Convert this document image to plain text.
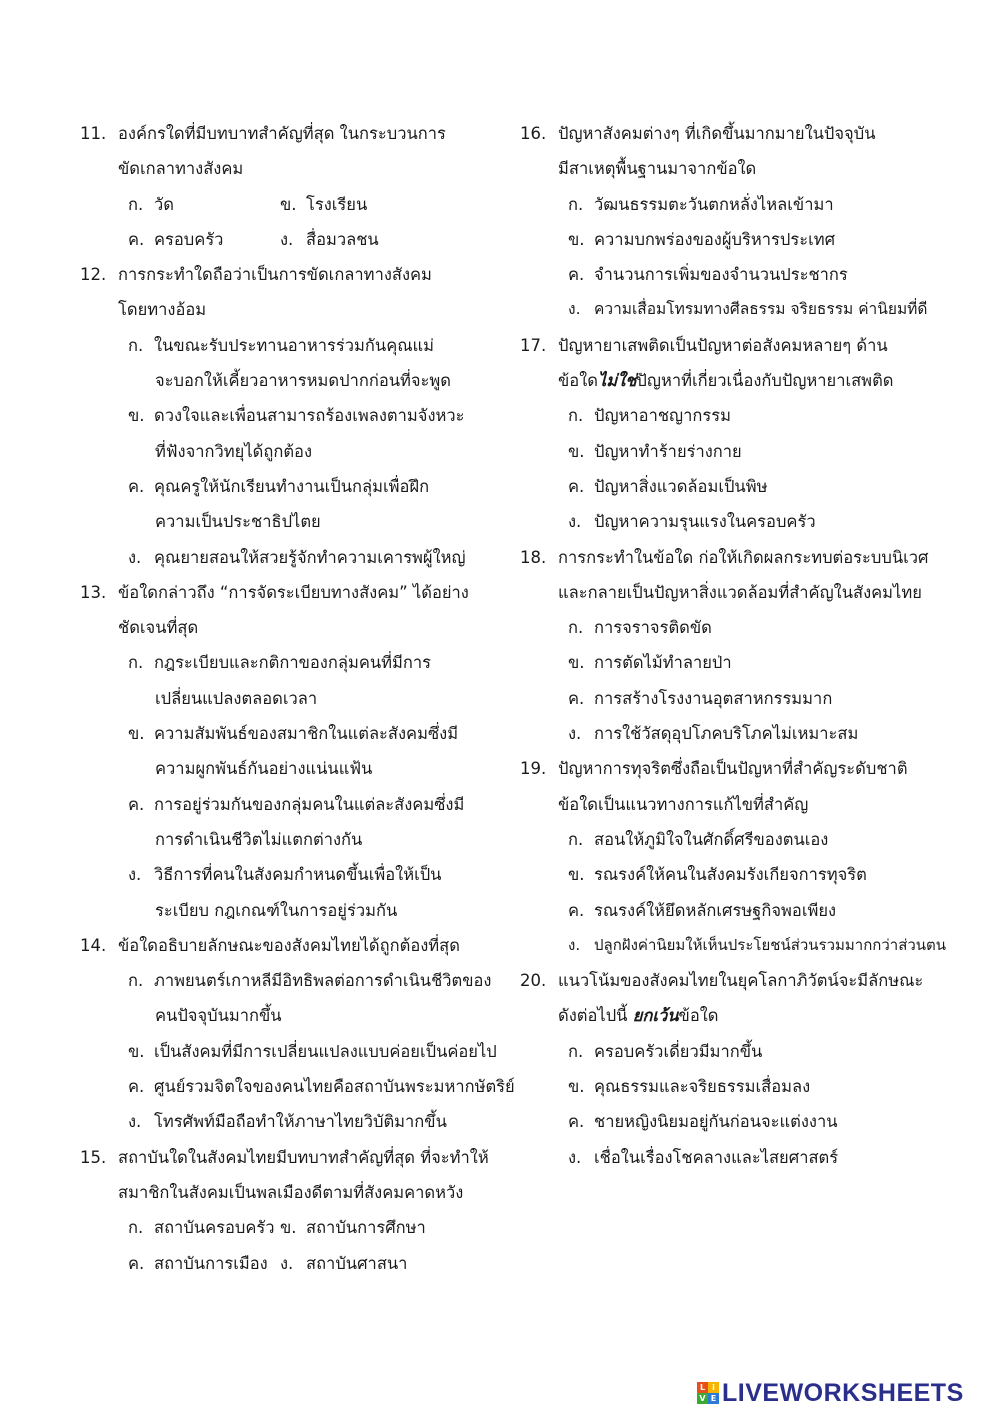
11. องค์กรใดที่มีบทบาทสำคัญที่สุด ในกระบวนการ
ขัดเกลาทางสังคม
ก. วัด	ข. โรงเรียน
ค. ครอบครัว	ง. สื่อมวลชน
12. การกระทำใดถือว่าเป็นการขัดเกลาทางสังคม
โดยทางอ้อม
ก. ในขณะรับประทานอาหารร่วมกันคุณแม่
จะบอกให้เคี้ยวอาหารหมดปากก่อนที่จะพูด
ข. ดวงใจและเพื่อนสามารถร้องเพลงตามจังหวะ
ที่ฟังจากวิทยุได้ถูกต้อง
ค. คุณครูให้นักเรียนทำงานเป็นกลุ่มเพื่อฝึก
ความเป็นประชาธิปไตย
ง. คุณยายสอนให้สวยรู้จักทำความเคารพผู้ใหญ่
13. ข้อใดกล่าวถึง “การจัดระเบียบทางสังคม” ได้อย่าง
ชัดเจนที่สุด
ก. กฎระเบียบและกติกาของกลุ่มคนที่มีการ
เปลี่ยนแปลงตลอดเวลา
ข. ความสัมพันธ์ของสมาชิกในแต่ละสังคมซึ่งมี
ความผูกพันธ์กันอย่างแน่นแฟ้น
ค. การอยู่ร่วมกันของกลุ่มคนในแต่ละสังคมซึ่งมี
การดำเนินชีวิตไม่แตกต่างกัน
ง. วิธีการที่คนในสังคมกำหนดขึ้นเพื่อให้เป็น
ระเบียบ กฎเกณฑ์ในการอยู่ร่วมกัน
14. ข้อใดอธิบายลักษณะของสังคมไทยได้ถูกต้องที่สุด
ก. ภาพยนตร์เกาหลีมีอิทธิพลต่อการดำเนินชีวิตของ
คนปัจจุบันมากขึ้น
ข. เป็นสังคมที่มีการเปลี่ยนแปลงแบบค่อยเป็นค่อยไป
ค. ศูนย์รวมจิตใจของคนไทยคือสถาบันพระมหากษัตริย์
ง. โทรศัพท์มือถือทำให้ภาษาไทยวิบัติมากขึ้น
15. สถาบันใดในสังคมไทยมีบทบาทสำคัญที่สุด ที่จะทำให้
สมาชิกในสังคมเป็นพลเมืองดีตามที่สังคมคาดหวัง
ก. สถาบันครอบครัว ข. สถาบันการศึกษา
ค. สถาบันการเมือง ง. สถาบันศาสนา
16. ปัญหาสังคมต่างๆ ที่เกิดขึ้นมากมายในปัจจุบัน
มีสาเหตุพื้นฐานมาจากข้อใด
ก. วัฒนธรรมตะวันตกหลั่งไหลเข้ามา
ข. ความบกพร่องของผู้บริหารประเทศ
ค. จำนวนการเพิ่มของจำนวนประชากร
ง. ความเสื่อมโทรมทางศีลธรรม จริยธรรม ค่านิยมที่ดี
17. ปัญหายาเสพติดเป็นปัญหาต่อสังคมหลายๆ ด้าน
ข้อใดไม่ใช่ปัญหาที่เกี่ยวเนื่องกับปัญหายาเสพติด
ก. ปัญหาอาชญากรรม
ข. ปัญหาทำร้ายร่างกาย
ค. ปัญหาสิ่งแวดล้อมเป็นพิษ
ง. ปัญหาความรุนแรงในครอบครัว
18. การกระทำในข้อใด ก่อให้เกิดผลกระทบต่อระบบนิเวศ
และกลายเป็นปัญหาสิ่งแวดล้อมที่สำคัญในสังคมไทย
ก. การจราจรติดขัด
ข. การตัดไม้ทำลายป่า
ค. การสร้างโรงงานอุตสาหกรรมมาก
ง. การใช้วัสดุอุปโภคบริโภคไม่เหมาะสม
19. ปัญหาการทุจริตซึ่งถือเป็นปัญหาที่สำคัญระดับชาติ
ข้อใดเป็นแนวทางการแก้ไขที่สำคัญ
ก. สอนให้ภูมิใจในศักดิ์ศรีของตนเอง
ข. รณรงค์ให้คนในสังคมรังเกียจการทุจริต
ค. รณรงค์ให้ยึดหลักเศรษฐกิจพอเพียง
ง. ปลูกฝังค่านิยมให้เห็นประโยชน์ส่วนรวมมากกว่าส่วนตน
20. แนวโน้มของสังคมไทยในยุคโลกาภิวัตน์จะมีลักษณะ
ดังต่อไปนี้ ยกเว้นข้อใด
ก. ครอบครัวเดี่ยวมีมากขึ้น
ข. คุณธรรมและจริยธรรมเสื่อมลง
ค. ชายหญิงนิยมอยู่กันก่อนจะแต่งงาน
ง. เชื่อในเรื่องโชคลางและไสยศาสตร์
L i
V E LIVEWORKSHEETS
